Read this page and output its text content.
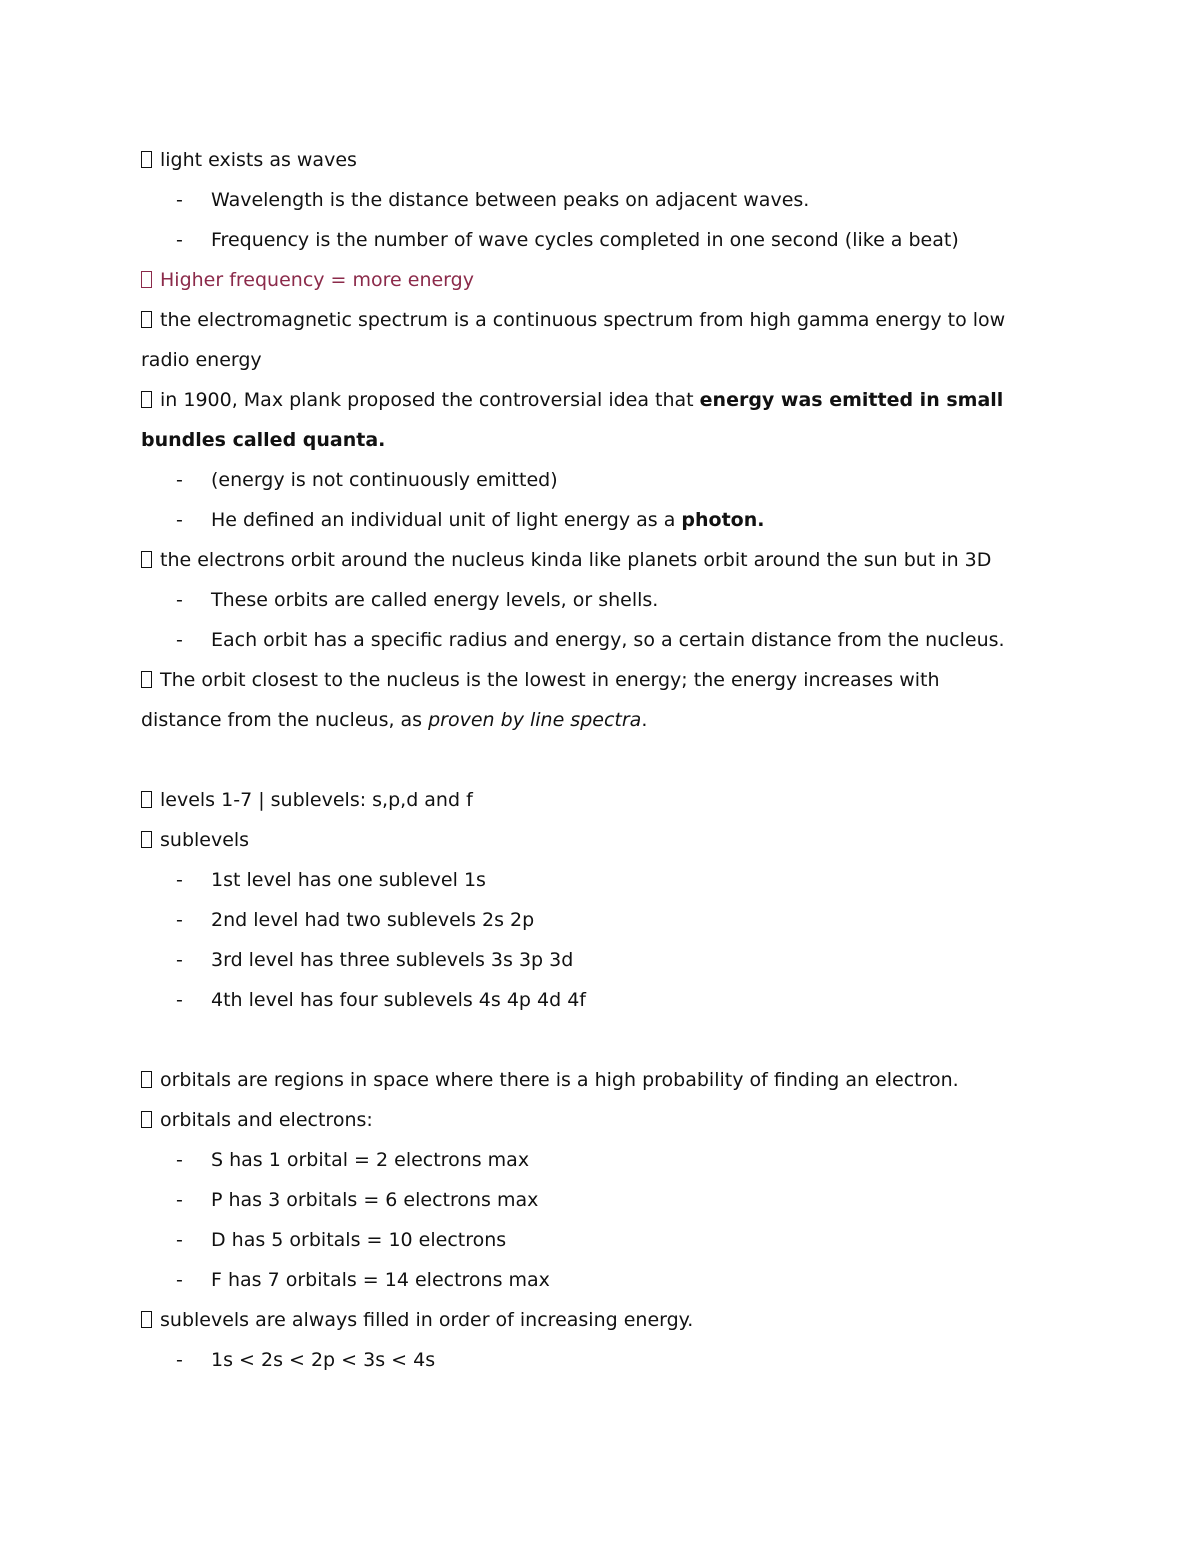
light exists as waves
- Wavelength is the distance between peaks on adjacent waves.
- Frequency is the number of wave cycles completed in one second (like a beat)
Higher frequency = more energy
the electromagnetic spectrum is a continuous spectrum from high gamma energy to low
radio energy
in 1900, Max plank proposed the controversial idea that energy was emitted in small
bundles called quanta.
- (energy is not continuously emitted)
- He defined an individual unit of light energy as a photon.
the electrons orbit around the nucleus kinda like planets orbit around the sun but in 3D
- These orbits are called energy levels, or shells.
- Each orbit has a specific radius and energy, so a certain distance from the nucleus.
The orbit closest to the nucleus is the lowest in energy; the energy increases with
distance from the nucleus, as proven by line spectra.
levels 1-7 | sublevels: s,p,d and f
sublevels
- 1st level has one sublevel 1s
- 2nd level had two sublevels 2s 2p
- 3rd level has three sublevels 3s 3p 3d
- 4th level has four sublevels 4s 4p 4d 4f
orbitals are regions in space where there is a high probability of finding an electron.
orbitals and electrons:
- S has 1 orbital = 2 electrons max
- P has 3 orbitals = 6 electrons max
- D has 5 orbitals = 10 electrons
- F has 7 orbitals = 14 electrons max
sublevels are always filled in order of increasing energy.
- 1s < 2s < 2p < 3s < 4s
